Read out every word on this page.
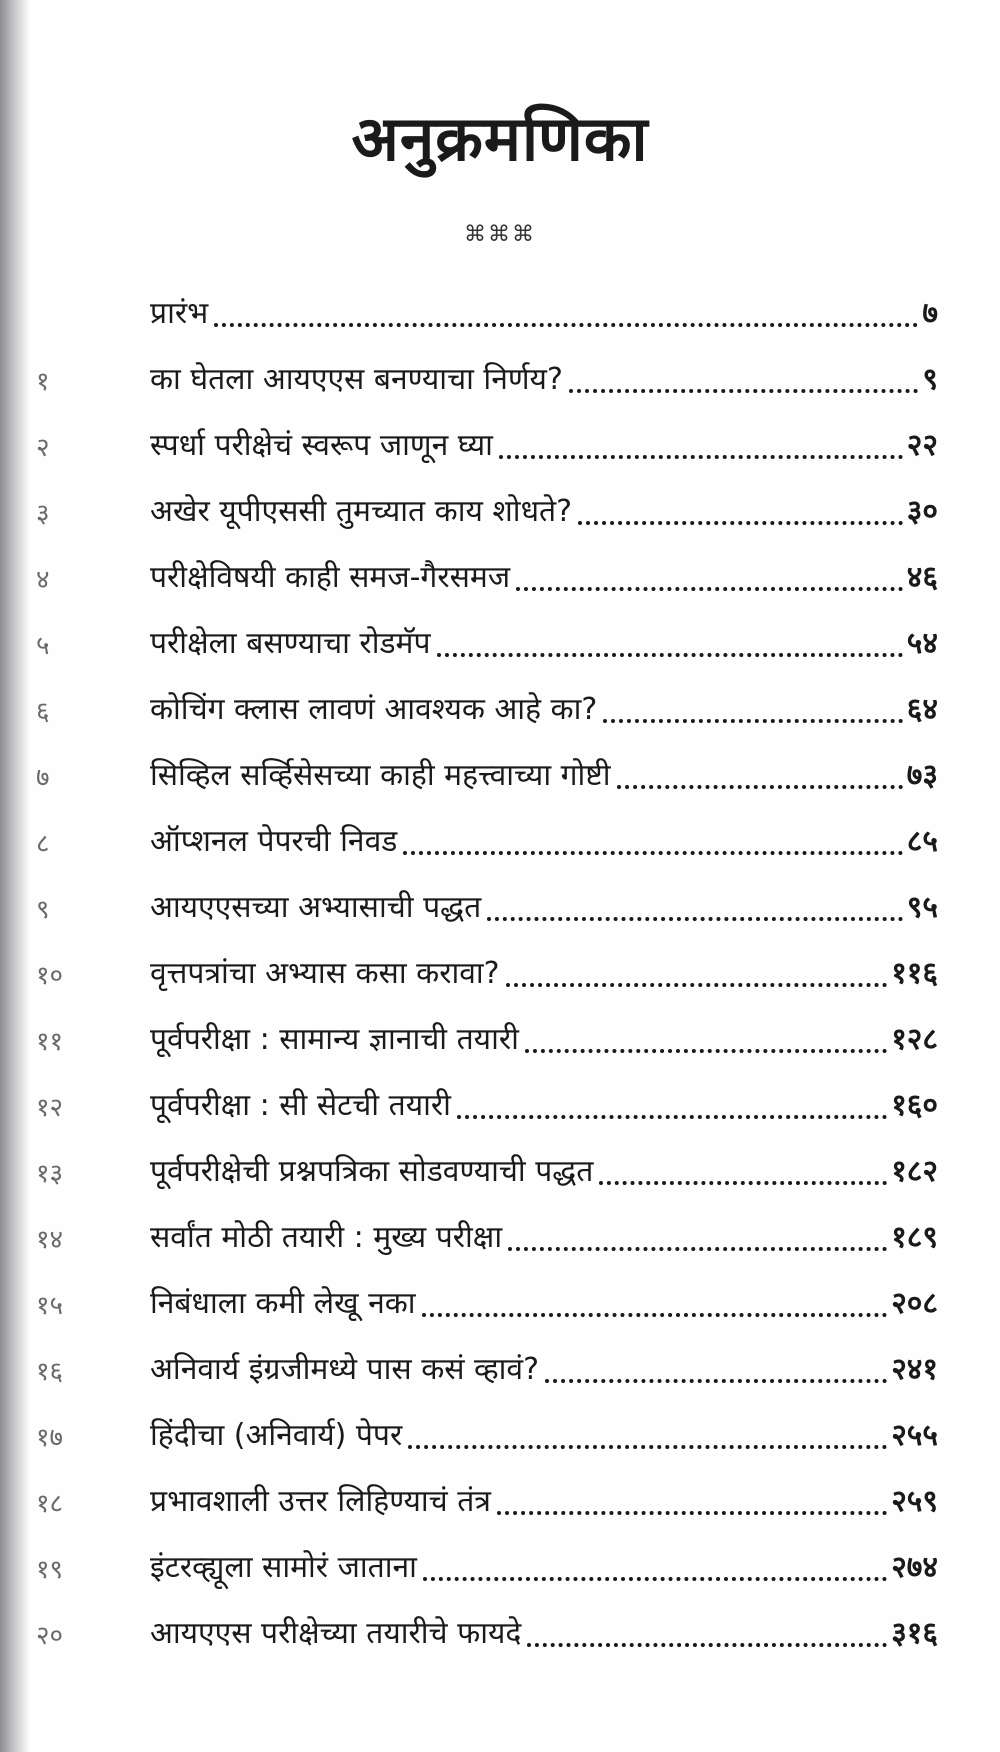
अनुक्रमणिका
⌘⌘⌘
प्रारंभ	७
१	का घेतला आयएएस बनण्याचा निर्णय?	९
२	स्पर्धा परीक्षेचं स्वरूप जाणून घ्या	२२
३	अखेर यूपीएससी तुमच्यात काय शोधते?	३०
४	परीक्षेविषयी काही समज-गैरसमज	४६
५	परीक्षेला बसण्याचा रोडमॅप	५४
६	कोचिंग क्लास लावणं आवश्यक आहे का?	६४
७	सिव्हिल सर्व्हिसेसच्या काही महत्त्वाच्या गोष्टी	७३
८	ऑप्शनल पेपरची निवड	८५
९	आयएएसच्या अभ्यासाची पद्धत	९५
१०	वृत्तपत्रांचा अभ्यास कसा करावा?	११६
११	पूर्वपरीक्षा : सामान्य ज्ञानाची तयारी	१२८
१२	पूर्वपरीक्षा : सी सेटची तयारी	१६०
१३	पूर्वपरीक्षेची प्रश्नपत्रिका सोडवण्याची पद्धत	१८२
१४	सर्वांत मोठी तयारी : मुख्य परीक्षा	१८९
१५	निबंधाला कमी लेखू नका	२०८
१६	अनिवार्य इंग्रजीमध्ये पास कसं व्हावं?	२४१
१७	हिंदीचा (अनिवार्य) पेपर	२५५
१८	प्रभावशाली उत्तर लिहिण्याचं तंत्र	२५९
१९	इंटरव्ह्यूला सामोरं जाताना	२७४
२०	आयएएस परीक्षेच्या तयारीचे फायदे	३१६
